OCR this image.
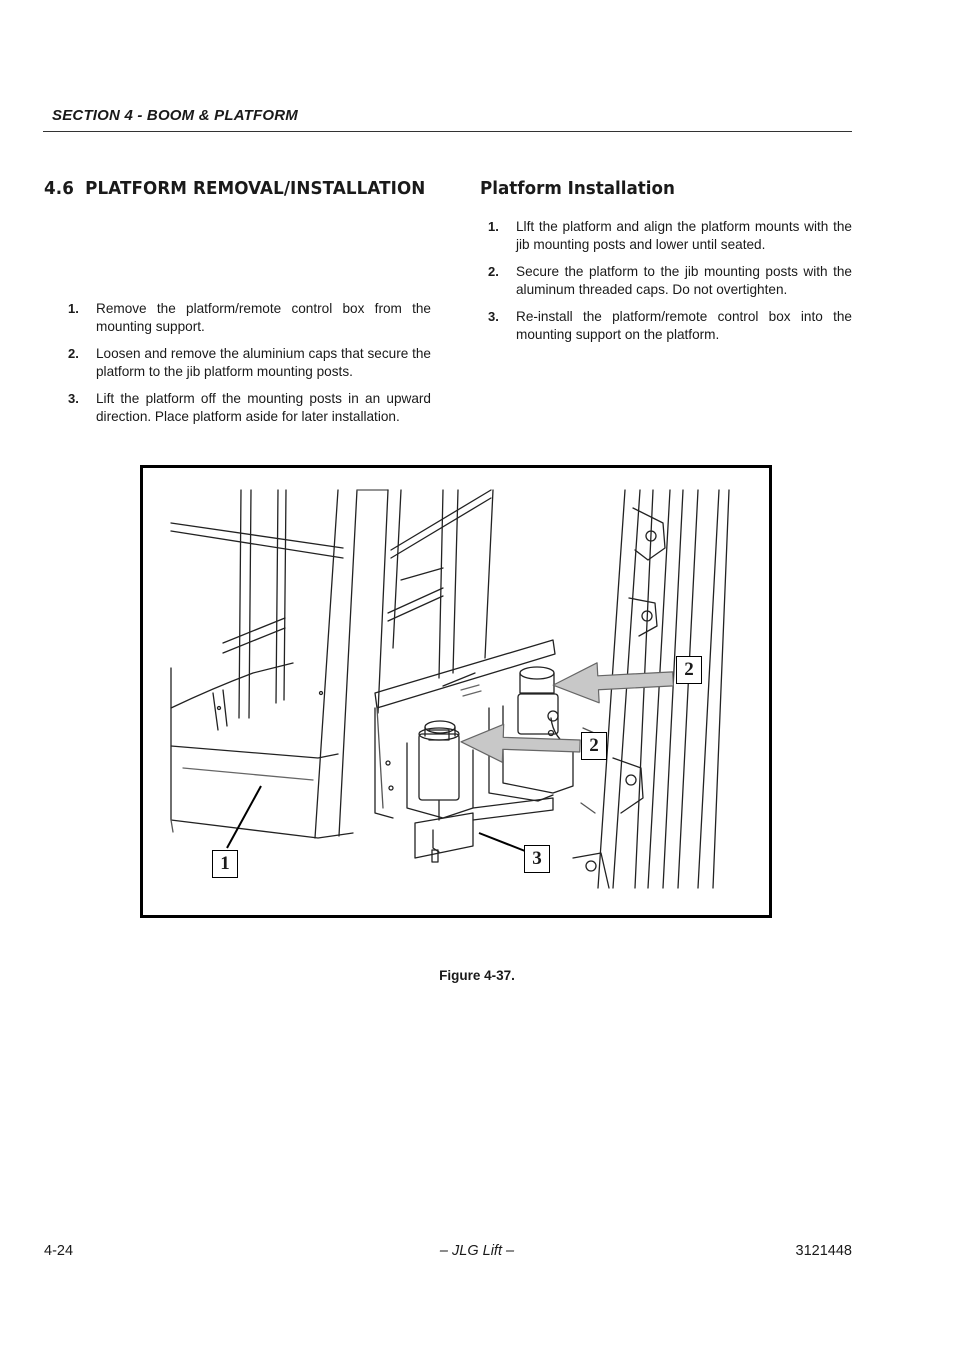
SECTION 4 - BOOM & PLATFORM
4.6 PLATFORM REMOVAL/INSTALLATION
1. Remove the platform/remote control box from the mounting support.
2. Loosen and remove the aluminium caps that secure the platform to the jib platform mounting posts.
3. Lift the platform off the mounting posts in an upward direction. Place platform aside for later installation.
Platform Installation
1. Llft the platform and align the platform mounts with the jib mounting posts and lower until seated.
2. Secure the platform to the jib mounting posts with the aluminum threaded caps. Do not overtighten.
3. Re-install the platform/remote control box into the mounting support on the platform.
1
2
2
3
Figure 4-37.
4-24	– JLG Lift –	3121448
